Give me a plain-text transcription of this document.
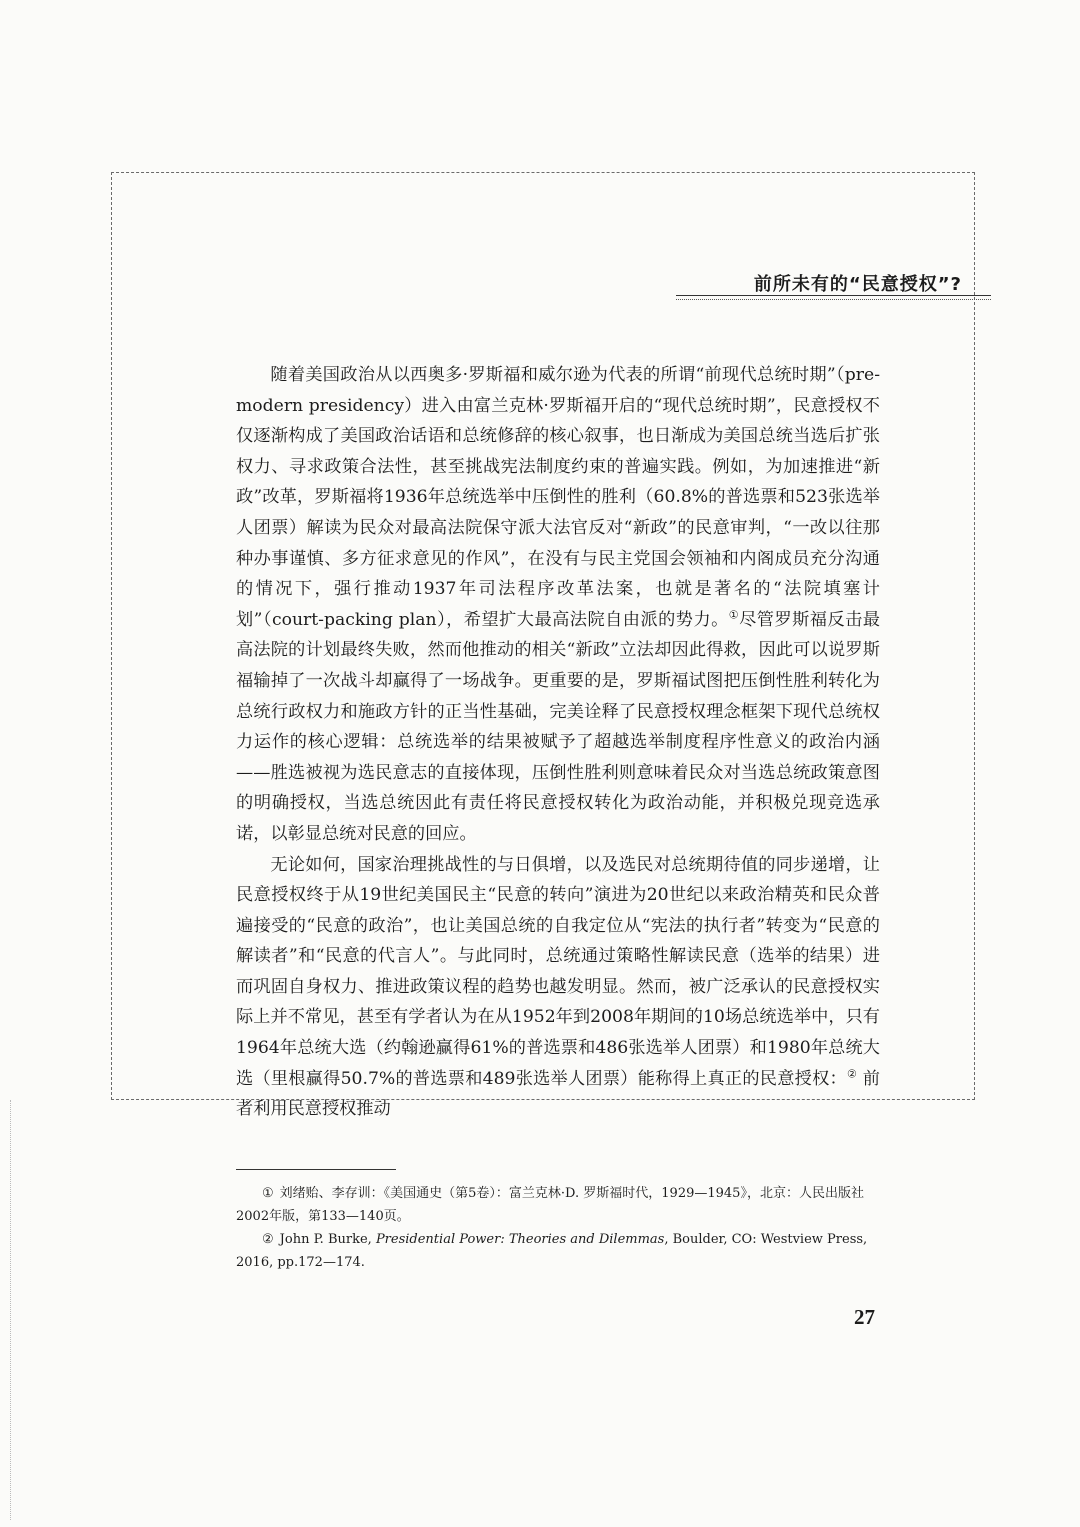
前所未有的“民意授权”?

随着美国政治从以西奥多·罗斯福和威尔逊为代表的所谓“前现代总统时期”（pre-modern presidency）进入由富兰克林·罗斯福开启的“现代总统时期”，民意授权不仅逐渐构成了美国政治话语和总统修辞的核心叙事，也日渐成为美国总统当选后扩张权力、寻求政策合法性，甚至挑战宪法制度约束的普遍实践。例如，为加速推进“新政”改革，罗斯福将1936年总统选举中压倒性的胜利（60.8%的普选票和523张选举人团票）解读为民众对最高法院保守派大法官反对“新政”的民意审判，“一改以往那种办事谨慎、多方征求意见的作风”，在没有与民主党国会领袖和内阁成员充分沟通的情况下，强行推动1937年司法程序改革法案，也就是著名的“法院填塞计划”（court-packing plan），希望扩大最高法院自由派的势力。①尽管罗斯福反击最高法院的计划最终失败，然而他推动的相关“新政”立法却因此得救，因此可以说罗斯福输掉了一次战斗却赢得了一场战争。更重要的是，罗斯福试图把压倒性胜利转化为总统行政权力和施政方针的正当性基础，完美诠释了民意授权理念框架下现代总统权力运作的核心逻辑：总统选举的结果被赋予了超越选举制度程序性意义的政治内涵——胜选被视为选民意志的直接体现，压倒性胜利则意味着民众对当选总统政策意图的明确授权，当选总统因此有责任将民意授权转化为政治动能，并积极兑现竞选承诺，以彰显总统对民意的回应。

无论如何，国家治理挑战性的与日俱增，以及选民对总统期待值的同步递增，让民意授权终于从19世纪美国民主“民意的转向”演进为20世纪以来政治精英和民众普遍接受的“民意的政治”，也让美国总统的自我定位从“宪法的执行者”转变为“民意的解读者”和“民意的代言人”。与此同时，总统通过策略性解读民意（选举的结果）进而巩固自身权力、推进政策议程的趋势也越发明显。然而，被广泛承认的民意授权实际上并不常见，甚至有学者认为在从1952年到2008年期间的10场总统选举中，只有1964年总统大选（约翰逊赢得61%的普选票和486张选举人团票）和1980年总统大选（里根赢得50.7%的普选票和489张选举人团票）能称得上真正的民意授权：② 前者利用民意授权推动

① 刘绪贻、李存训：《美国通史（第5卷）：富兰克林·D. 罗斯福时代，1929—1945》，北京：人民出版社 2002年版，第133—140页。

② John P. Burke, Presidential Power: Theories and Dilemmas, Boulder, CO: Westview Press, 2016, pp.172—174.

27
